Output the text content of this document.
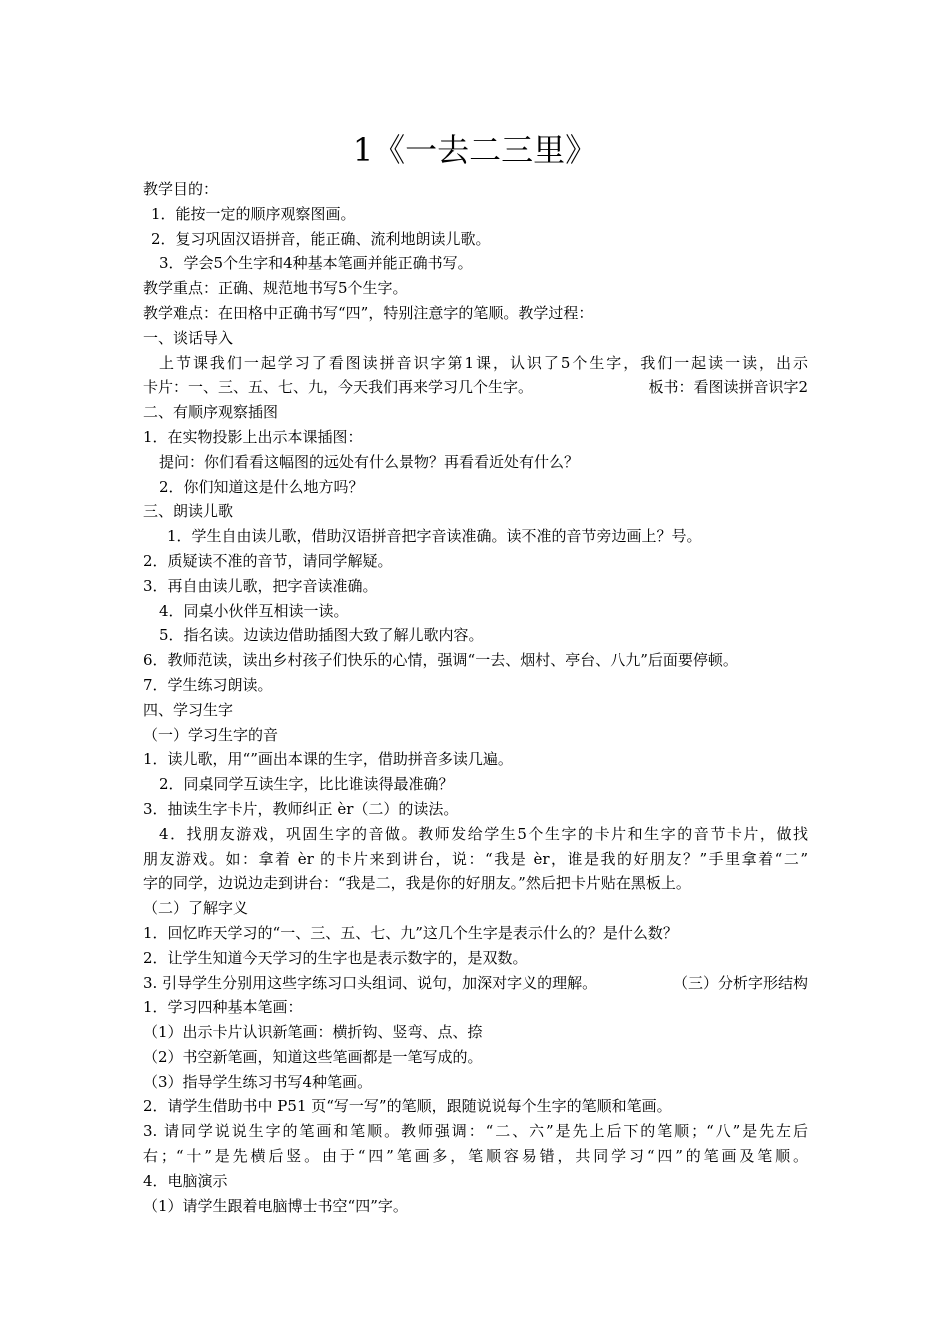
1《一去二三里》
教学目的：
1．能按一定的顺序观察图画。
2．复习巩固汉语拼音，能正确、流利地朗读儿歌。
3．学会5个生字和4种基本笔画并能正确书写。
教学重点：正确、规范地书写5个生字。
教学难点：在田格中正确书写“四”，特别注意字的笔顺。教学过程：
一、谈话导入
上节课我们一起学习了看图读拼音识字第1课，认识了5个生字，我们一起读一读，出示
卡片：一、三、五、七、九，今天我们再来学习几个生字。	板书：看图读拼音识字2
二、有顺序观察插图
1．在实物投影上出示本课插图：
提问：你们看看这幅图的远处有什么景物？再看看近处有什么？
2．你们知道这是什么地方吗？
三、朗读儿歌
1．学生自由读儿歌，借助汉语拼音把字音读准确。读不准的音节旁边画上？号。
2．质疑读不准的音节，请同学解疑。
3．再自由读儿歌，把字音读准确。
4．同桌小伙伴互相读一读。
5．指名读。边读边借助插图大致了解儿歌内容。
6．教师范读，读出乡村孩子们快乐的心情，强调“一去、烟村、亭台、八九”后面要停顿。
7．学生练习朗读。
四、学习生字
（一）学习生字的音
1．读儿歌，用“”画出本课的生字，借助拼音多读几遍。
2．同桌同学互读生字，比比谁读得最准确？
3．抽读生字卡片，教师纠正 èr（二）的读法。
4．找朋友游戏，巩固生字的音做。教师发给学生5个生字的卡片和生字的音节卡片，做找
朋友游戏。如：拿着 èr 的卡片来到讲台，说：“我是 èr，谁是我的好朋友？”手里拿着“二”
字的同学，边说边走到讲台：“我是二，我是你的好朋友。”然后把卡片贴在黑板上。
（二）了解字义
1．回忆昨天学习的“一、三、五、七、九”这几个生字是表示什么的？是什么数？
2．让学生知道今天学习的生字也是表示数字的，是双数。
3. 引导学生分别用这些字练习口头组词、说句，加深对字义的理解。	（三）分析字形结构
1．学习四种基本笔画：
（1）出示卡片认识新笔画：横折钩、竖弯、点、捺
（2）书空新笔画，知道这些笔画都是一笔写成的。
（3）指导学生练习书写4种笔画。
2．请学生借助书中 P51 页“写一写”的笔顺，跟随说说每个生字的笔顺和笔画。
3. 请同学说说生字的笔画和笔顺。教师强调：“二、六”是先上后下的笔顺；“八”是先左后
右；“十”是先横后竖。由于“四”笔画多，笔顺容易错，共同学习“四”的笔画及笔顺。
4．电脑演示
（1）请学生跟着电脑博士书空“四”字。
